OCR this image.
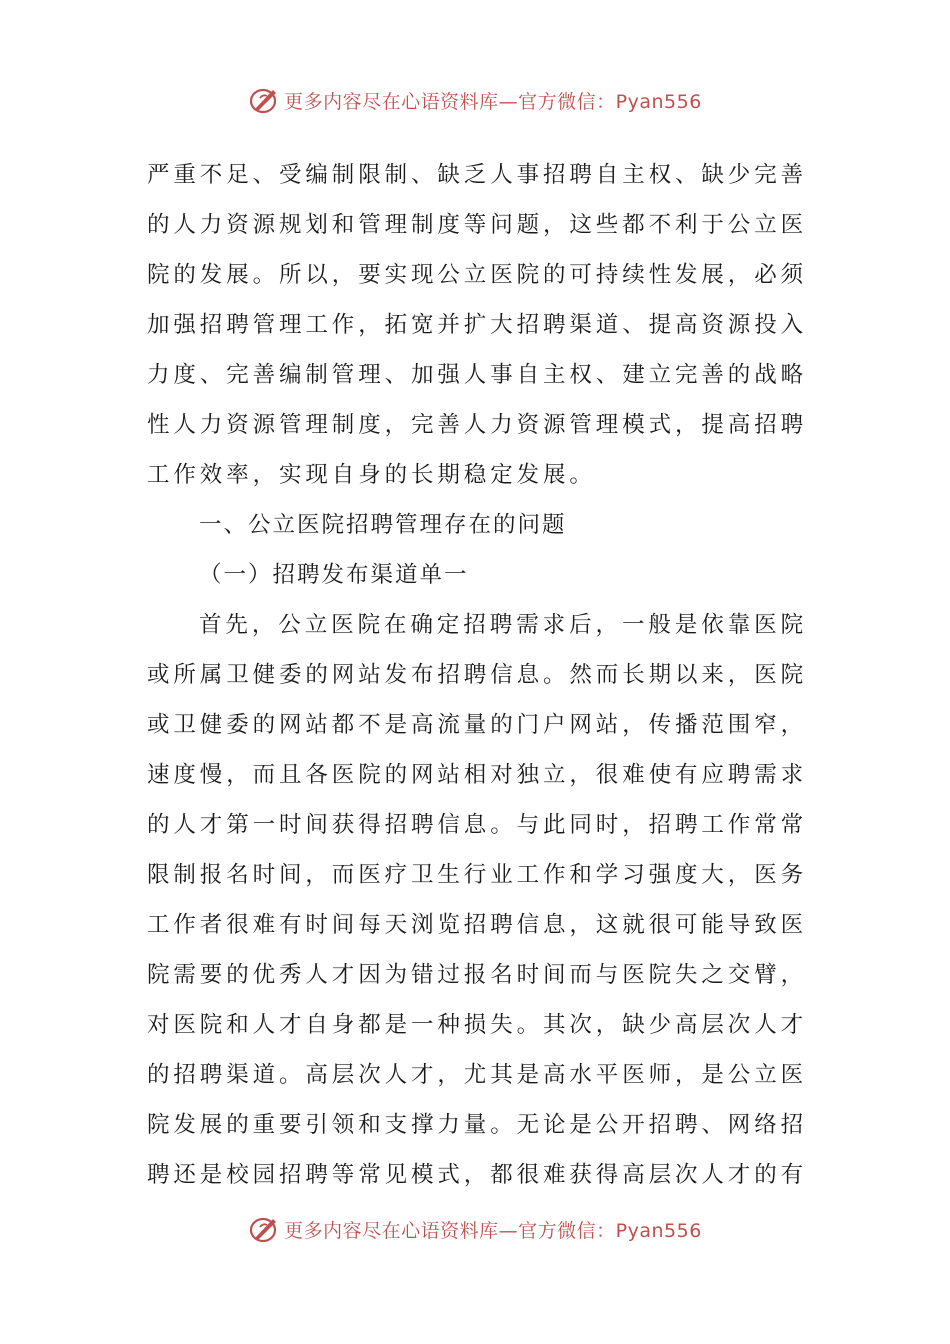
更多内容尽在心语资料库—官方微信：Pyan556

严重不足、受编制限制、缺乏人事招聘自主权、缺少完善的人力资源规划和管理制度等问题，这些都不利于公立医院的发展。所以，要实现公立医院的可持续性发展，必须加强招聘管理工作，拓宽并扩大招聘渠道、提高资源投入力度、完善编制管理、加强人事自主权、建立完善的战略性人力资源管理制度，完善人力资源管理模式，提高招聘工作效率，实现自身的长期稳定发展。

一、公立医院招聘管理存在的问题

（一）招聘发布渠道单一

首先，公立医院在确定招聘需求后，一般是依靠医院或所属卫健委的网站发布招聘信息。然而长期以来，医院或卫健委的网站都不是高流量的门户网站，传播范围窄，速度慢，而且各医院的网站相对独立，很难使有应聘需求的人才第一时间获得招聘信息。与此同时，招聘工作常常限制报名时间，而医疗卫生行业工作和学习强度大，医务工作者很难有时间每天浏览招聘信息，这就很可能导致医院需要的优秀人才因为错过报名时间而与医院失之交臂，对医院和人才自身都是一种损失。其次，缺少高层次人才的招聘渠道。高层次人才，尤其是高水平医师，是公立医院发展的重要引领和支撑力量。无论是公开招聘、网络招聘还是校园招聘等常见模式，都很难获得高层次人才的有

更多内容尽在心语资料库—官方微信：Pyan556
